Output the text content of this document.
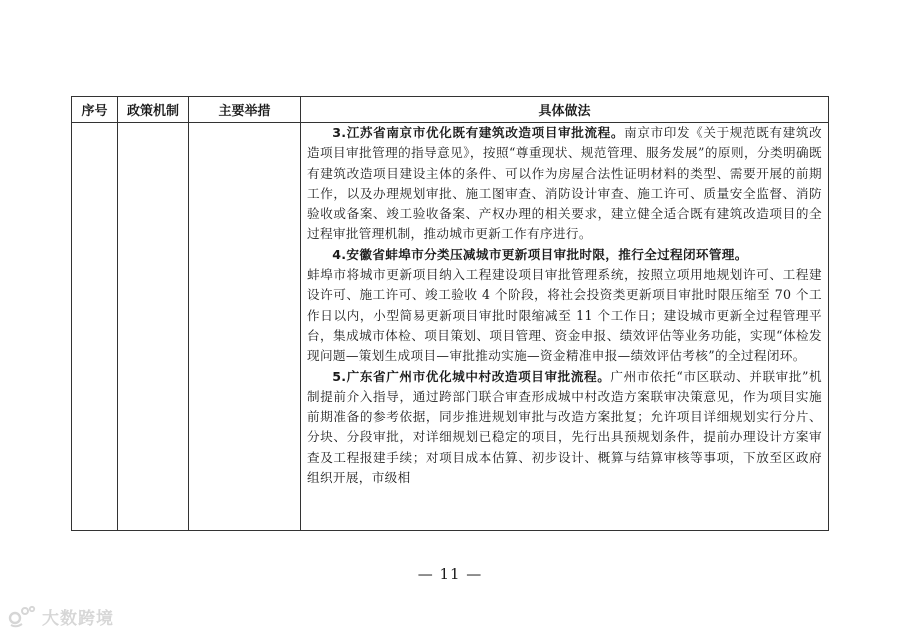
序号	政策机制	主要举措	具体做法

			3.江苏省南京市优化既有建筑改造项目审批流程。南京市印发《关于规范既有建筑改造项目审批管理的指导意见》，按照“尊重现状、规范管理、服务发展”的原则，分类明确既有建筑改造项目建设主体的条件、可以作为房屋合法性证明材料的类型、需要开展的前期工作，以及办理规划审批、施工图审查、消防设计审查、施工许可、质量安全监督、消防验收或备案、竣工验收备案、产权办理的相关要求，建立健全适合既有建筑改造项目的全过程审批管理机制，推动城市更新工作有序进行。

4.安徽省蚌埠市分类压减城市更新项目审批时限，推行全过程闭环管理。

蚌埠市将城市更新项目纳入工程建设项目审批管理系统，按照立项用地规划许可、工程建设许可、施工许可、竣工验收 4 个阶段，将社会投资类更新项目审批时限压缩至 70 个工作日以内，小型简易更新项目审批时限缩减至 11 个工作日；建设城市更新全过程管理平台，集成城市体检、项目策划、项目管理、资金申报、绩效评估等业务功能，实现“体检发现问题—策划生成项目—审批推动实施—资金精准申报—绩效评估考核”的全过程闭环。

5.广东省广州市优化城中村改造项目审批流程。广州市依托“市区联动、并联审批”机制提前介入指导，通过跨部门联合审查形成城中村改造方案联审决策意见，作为项目实施前期准备的参考依据，同步推进规划审批与改造方案批复；允许项目详细规划实行分片、分块、分段审批，对详细规划已稳定的项目，先行出具预规划条件，提前办理设计方案审查及工程报建手续；对项目成本估算、初步设计、概算与结算审核等事项，下放至区政府组织开展，市级相

— 11 —
大数跨境
